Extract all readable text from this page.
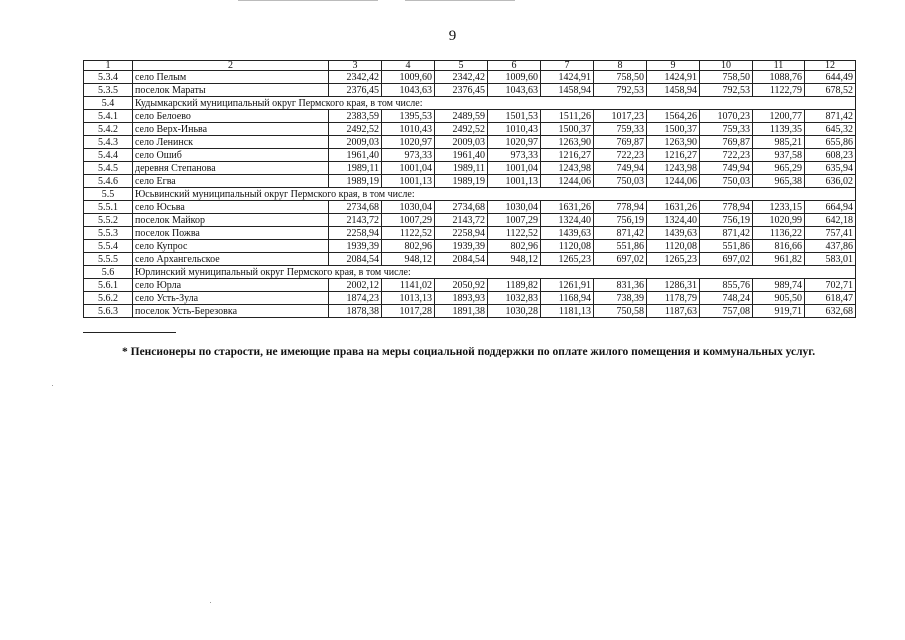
9
1	2	3	4	5	6	7	8	9	10	11	12
5.3.4	село Пелым	2342,42	1009,60	2342,42	1009,60	1424,91	758,50	1424,91	758,50	1088,76	644,49
5.3.5	поселок Мараты	2376,45	1043,63	2376,45	1043,63	1458,94	792,53	1458,94	792,53	1122,79	678,52
5.4	Кудымкарский муниципальный округ Пермского края, в том числе:										
5.4.1	село Белоево	2383,59	1395,53	2489,59	1501,53	1511,26	1017,23	1564,26	1070,23	1200,77	871,42
5.4.2	село Верх-Иньва	2492,52	1010,43	2492,52	1010,43	1500,37	759,33	1500,37	759,33	1139,35	645,32
5.4.3	село Ленинск	2009,03	1020,97	2009,03	1020,97	1263,90	769,87	1263,90	769,87	985,21	655,86
5.4.4	село Ошиб	1961,40	973,33	1961,40	973,33	1216,27	722,23	1216,27	722,23	937,58	608,23
5.4.5	деревня Степанова	1989,11	1001,04	1989,11	1001,04	1243,98	749,94	1243,98	749,94	965,29	635,94
5.4.6	село Егва	1989,19	1001,13	1989,19	1001,13	1244,06	750,03	1244,06	750,03	965,38	636,02
5.5	Юсьвинский муниципальный округ Пермского края, в том числе:										
5.5.1	село Юсьва	2734,68	1030,04	2734,68	1030,04	1631,26	778,94	1631,26	778,94	1233,15	664,94
5.5.2	поселок Майкор	2143,72	1007,29	2143,72	1007,29	1324,40	756,19	1324,40	756,19	1020,99	642,18
5.5.3	поселок Пожва	2258,94	1122,52	2258,94	1122,52	1439,63	871,42	1439,63	871,42	1136,22	757,41
5.5.4	село Купрос	1939,39	802,96	1939,39	802,96	1120,08	551,86	1120,08	551,86	816,66	437,86
5.5.5	село Архангельское	2084,54	948,12	2084,54	948,12	1265,23	697,02	1265,23	697,02	961,82	583,01
5.6	Юрлинский муниципальный округ Пермского края, в том числе:										
5.6.1	село Юрла	2002,12	1141,02	2050,92	1189,82	1261,91	831,36	1286,31	855,76	989,74	702,71
5.6.2	село Усть-Зула	1874,23	1013,13	1893,93	1032,83	1168,94	738,39	1178,79	748,24	905,50	618,47
5.6.3	поселок Усть-Березовка	1878,38	1017,28	1891,38	1030,28	1181,13	750,58	1187,63	757,08	919,71	632,68
* Пенсионеры по старости, не имеющие права на меры социальной поддержки по оплате жилого помещения и коммунальных услуг.
